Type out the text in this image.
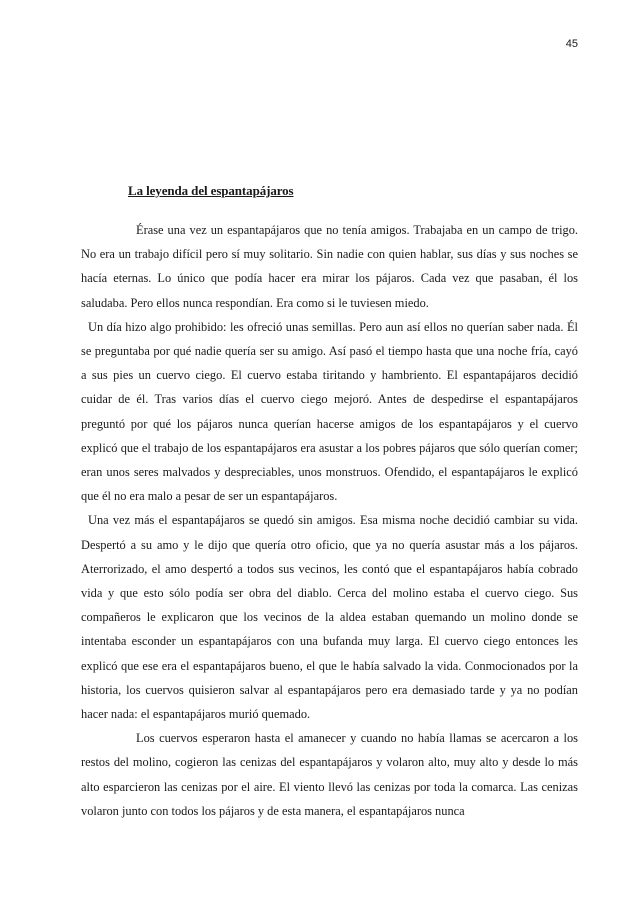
45
La leyenda del espantapájaros

Érase una vez un espantapájaros que no tenía amigos. Trabajaba en un campo de trigo. No era un trabajo difícil pero sí muy solitario. Sin nadie con quien hablar, sus días y sus noches se hacía eternas. Lo único que podía hacer era mirar los pájaros. Cada vez que pasaban, él los saludaba. Pero ellos nunca respondían. Era como si le tuviesen miedo.

Un día hizo algo prohibido: les ofreció unas semillas. Pero aun así ellos no querían saber nada. Él se preguntaba por qué nadie quería ser su amigo. Así pasó el tiempo hasta que una noche fría, cayó a sus pies un cuervo ciego. El cuervo estaba tiritando y hambriento. El espantapájaros decidió cuidar de él. Tras varios días el cuervo ciego mejoró. Antes de despedirse el espantapájaros preguntó por qué los pájaros nunca querían hacerse amigos de los espantapájaros y el cuervo explicó que el trabajo de los espantapájaros era asustar a los pobres pájaros que sólo querían comer; eran unos seres malvados y despreciables, unos monstruos. Ofendido, el espantapájaros le explicó que él no era malo a pesar de ser un espantapájaros.

Una vez más el espantapájaros se quedó sin amigos. Esa misma noche decidió cambiar su vida. Despertó a su amo y le dijo que quería otro oficio, que ya no quería asustar más a los pájaros. Aterrorizado, el amo despertó a todos sus vecinos, les contó que el espantapájaros había cobrado vida y que esto sólo podía ser obra del diablo. Cerca del molino estaba el cuervo ciego. Sus compañeros le explicaron que los vecinos de la aldea estaban quemando un molino donde se intentaba esconder un espantapájaros con una bufanda muy larga. El cuervo ciego entonces les explicó que ese era el espantapájaros bueno, el que le había salvado la vida. Conmocionados por la historia, los cuervos quisieron salvar al espantapájaros pero era demasiado tarde y ya no podían hacer nada: el espantapájaros murió quemado.

Los cuervos esperaron hasta el amanecer y cuando no había llamas se acercaron a los restos del molino, cogieron las cenizas del espantapájaros y volaron alto, muy alto y desde lo más alto esparcieron las cenizas por el aire. El viento llevó las cenizas por toda la comarca. Las cenizas volaron junto con todos los pájaros y de esta manera, el espantapájaros nunca
